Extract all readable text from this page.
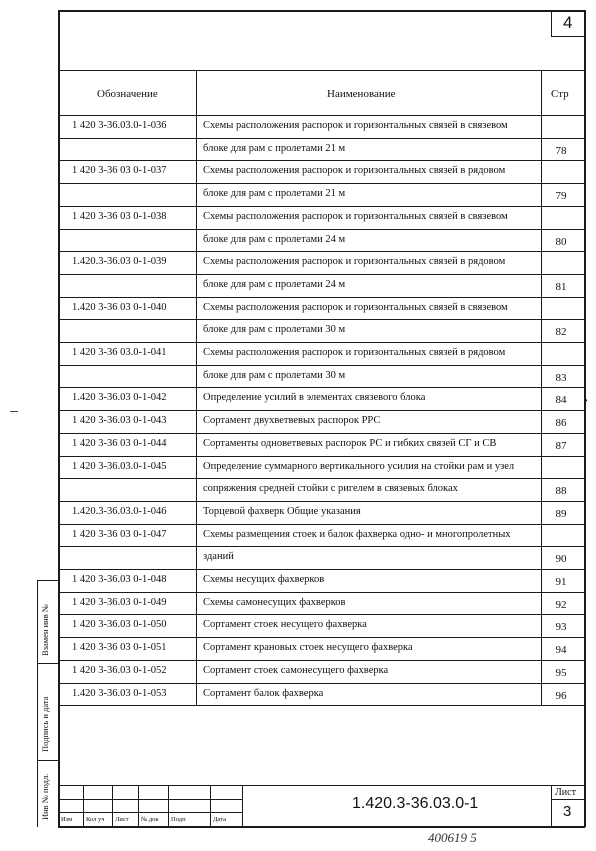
4
Обозначение	Наименование	Стр
1 420 3-36.03.0-1-036	Схемы расположения распорок и горизонтальных связей в связевом
блоке для рам с пролетами 21 м	78
1 420 3-36 03 0-1-037	Схемы расположения распорок и горизонтальных связей в рядовом
блоке для рам с пролетами 21 м	79
1 420 3-36 03 0-1-038	Схемы расположения распорок и горизонтальных связей в связевом
блоке для рам с пролетами 24 м	80
1.420.3-36.03 0-1-039	Схемы расположения распорок и горизонтальных связей в рядовом
блоке для рам с пролетами 24 м	81
1.420 3-36 03 0-1-040	Схемы расположения распорок и горизонтальных связей в связевом
блоке для рам с пролетами 30 м	82
1 420 3-36 03.0-1-041	Схемы расположения распорок и горизонтальных связей в рядовом
блоке для рам с пролетами 30 м	83
1.420 3-36.03 0-1-042	Определение усилий в элементах связевого блока	84
1 420 3-36.03 0-1-043	Сортамент двухветвевых распорок РРС	86
1 420 3-36 03 0-1-044	Сортаменты одноветвевых распорок РС и гибких связей СГ и СВ	87
1 420 3-36.03.0-1-045	Определение суммарного вертикального усилия на стойки рам и узел
сопряжения средней стойки с ригелем в связевых блоках	88
1.420.3-36.03.0-1-046	Торцевой фахверк Общие указания	89
1 420 3-36 03 0-1-047	Схемы размещения стоек и балок фахверка одно- и многопролетных
зданий	90
1 420 3-36.03 0-1-048	Схемы несущих фахверков	91
1 420 3-36.03 0-1-049	Схемы самонесущих фахверков	92
1 420 3-36.03 0-1-050	Сортамент стоек несущего фахверка	93
1 420 3-36 03 0-1-051	Сортамент крановых стоек несущего фахверка	94
1 420 3-36.03 0-1-052	Сортамент стоек самонесущего фахверка	95
1.420 3-36.03 0-1-053	Сортамент балок фахверка	96
Взамен инв №
Подпись и дата
Инв № подл.	1.420.3-36.03.0-1
Лист
3
Изм Кол уч Лист № док Подп	Дата
400619 5
›
